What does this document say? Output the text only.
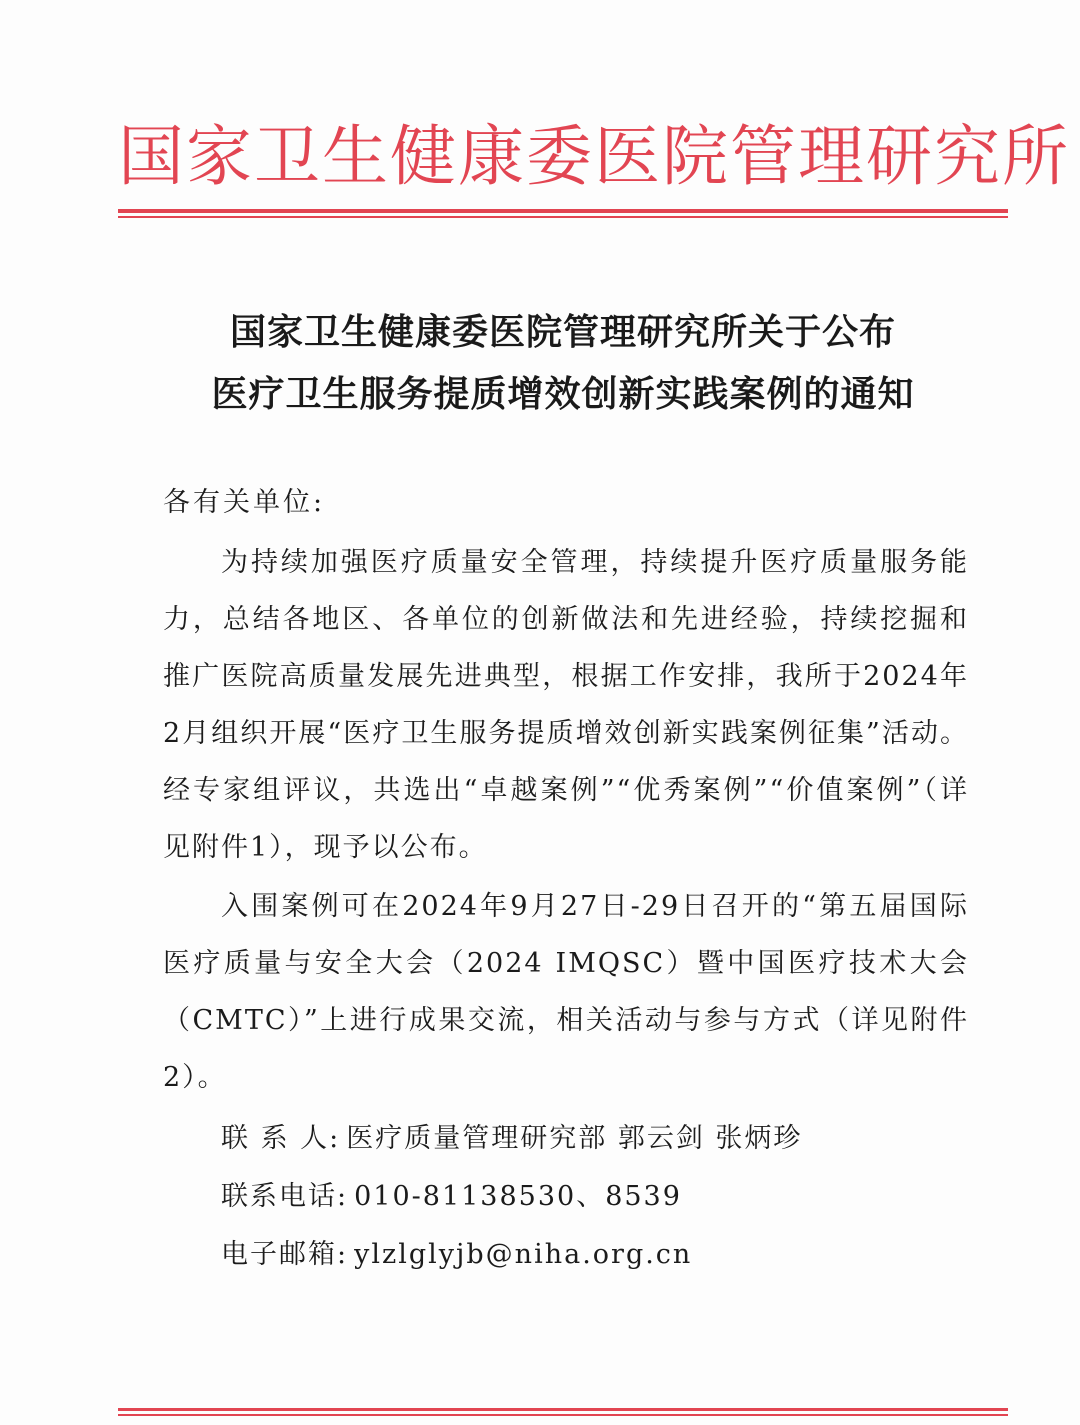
国家卫生健康委医院管理研究所
国家卫生健康委医院管理研究所关于公布
医疗卫生服务提质增效创新实践案例的通知
各有关单位:

为持续加强医疗质量安全管理，持续提升医疗质量服务能力，总结各地区、各单位的创新做法和先进经验，持续挖掘和推广医院高质量发展先进典型，根据工作安排，我所于2024年2月组织开展“医疗卫生服务提质增效创新实践案例征集”活动。经专家组评议，共选出“卓越案例”“优秀案例”“价值案例”（详见附件1），现予以公布。

入围案例可在2024年9月27日-29日召开的“第五届国际医疗质量与安全大会（2024 IMQSC）暨中国医疗技术大会（CMTC）”上进行成果交流，相关活动与参与方式（详见附件2）。

联 系 人: 医疗质量管理研究部 郭云剑 张炳珍
联系电话: 010-81138530、8539
电子邮箱: ylzlglyjb@niha.org.cn
